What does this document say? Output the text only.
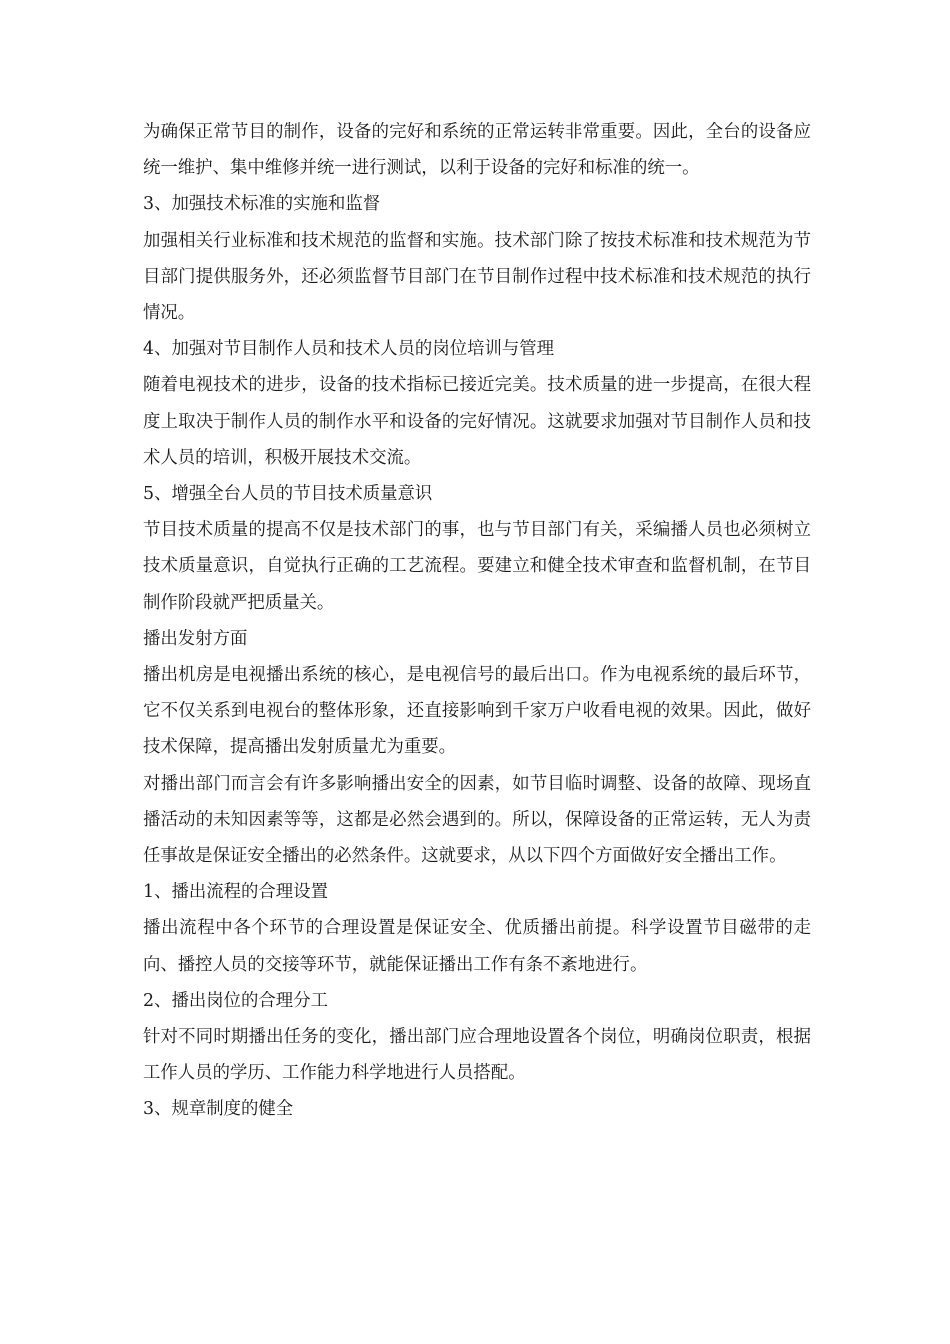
为确保正常节目的制作，设备的完好和系统的正常运转非常重要。因此，全台的设备应统一维护、集中维修并统一进行测试，以利于设备的完好和标准的统一。

3、加强技术标准的实施和监督

加强相关行业标准和技术规范的监督和实施。技术部门除了按技术标准和技术规范为节目部门提供服务外，还必须监督节目部门在节目制作过程中技术标准和技术规范的执行情况。

4、加强对节目制作人员和技术人员的岗位培训与管理

随着电视技术的进步，设备的技术指标已接近完美。技术质量的进一步提高，在很大程度上取决于制作人员的制作水平和设备的完好情况。这就要求加强对节目制作人员和技术人员的培训，积极开展技术交流。

5、增强全台人员的节目技术质量意识

节目技术质量的提高不仅是技术部门的事，也与节目部门有关，采编播人员也必须树立技术质量意识，自觉执行正确的工艺流程。要建立和健全技术审查和监督机制，在节目制作阶段就严把质量关。

播出发射方面

播出机房是电视播出系统的核心，是电视信号的最后出口。作为电视系统的最后环节，它不仅关系到电视台的整体形象，还直接影响到千家万户收看电视的效果。因此，做好技术保障，提高播出发射质量尤为重要。

对播出部门而言会有许多影响播出安全的因素，如节目临时调整、设备的故障、现场直播活动的未知因素等等，这都是必然会遇到的。所以，保障设备的正常运转，无人为责任事故是保证安全播出的必然条件。这就要求，从以下四个方面做好安全播出工作。

1、播出流程的合理设置

播出流程中各个环节的合理设置是保证安全、优质播出前提。科学设置节目磁带的走向、播控人员的交接等环节，就能保证播出工作有条不紊地进行。

2、播出岗位的合理分工

针对不同时期播出任务的变化，播出部门应合理地设置各个岗位，明确岗位职责，根据工作人员的学历、工作能力科学地进行人员搭配。

3、规章制度的健全
